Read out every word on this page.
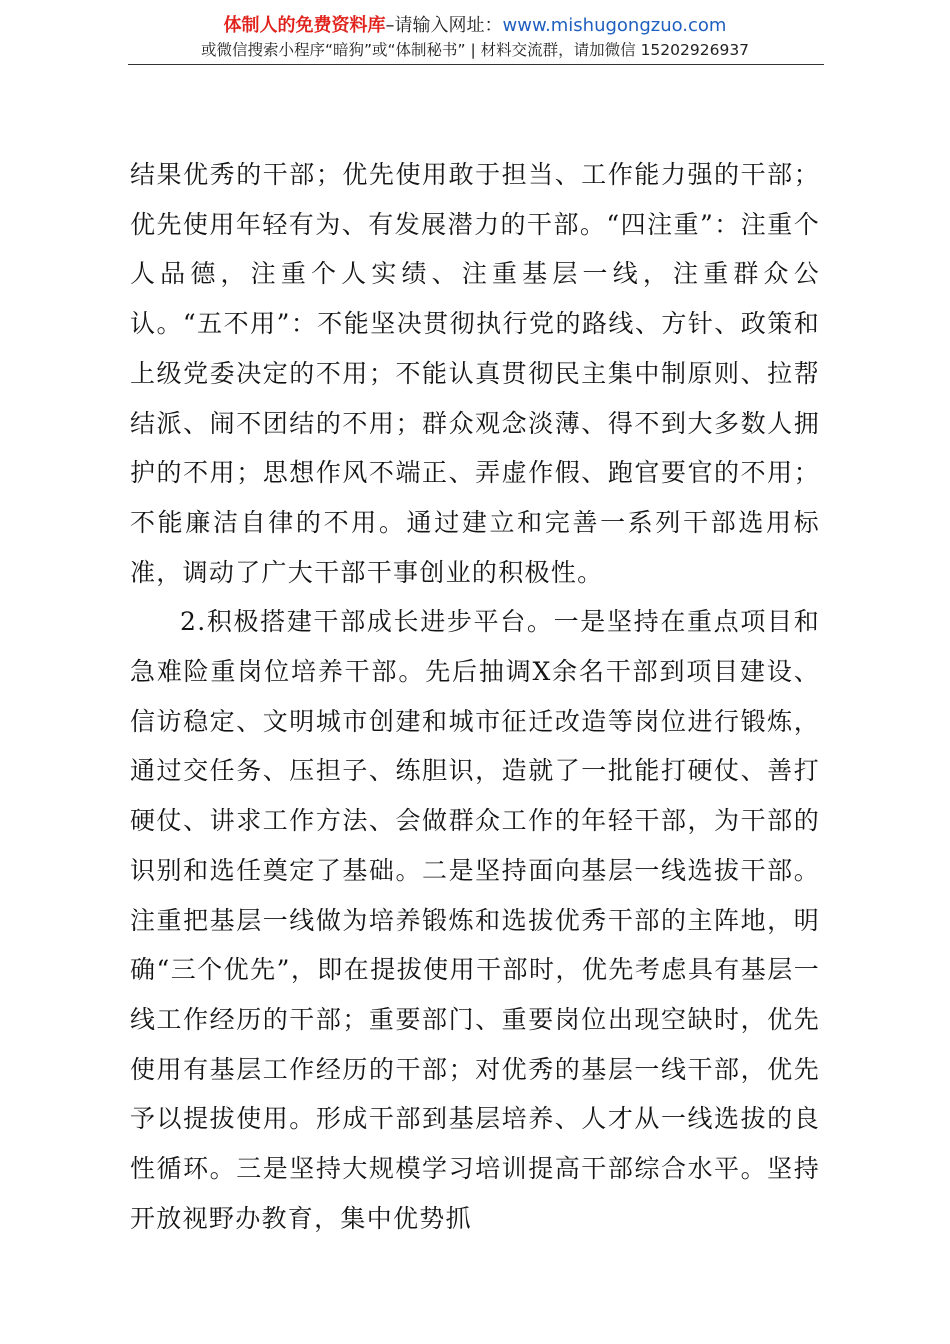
体制人的免费资料库–请输入网址：www.mishugongzuo.com
或微信搜索小程序“暗狗”或“体制秘书” | 材料交流群，请加微信 15202926937

结果优秀的干部；优先使用敢于担当、工作能力强的干部；优先使用年轻有为、有发展潜力的干部。“四注重”：注重个人品德，注重个人实绩、注重基层一线，注重群众公认。“五不用”：不能坚决贯彻执行党的路线、方针、政策和上级党委决定的不用；不能认真贯彻民主集中制原则、拉帮结派、闹不团结的不用；群众观念淡薄、得不到大多数人拥护的不用；思想作风不端正、弄虚作假、跑官要官的不用；不能廉洁自律的不用。通过建立和完善一系列干部选用标准，调动了广大干部干事创业的积极性。

2.积极搭建干部成长进步平台。一是坚持在重点项目和急难险重岗位培养干部。先后抽调X余名干部到项目建设、信访稳定、文明城市创建和城市征迁改造等岗位进行锻炼，通过交任务、压担子、练胆识，造就了一批能打硬仗、善打硬仗、讲求工作方法、会做群众工作的年轻干部，为干部的识别和选任奠定了基础。二是坚持面向基层一线选拔干部。注重把基层一线做为培养锻炼和选拔优秀干部的主阵地，明确“三个优先”，即在提拔使用干部时，优先考虑具有基层一线工作经历的干部；重要部门、重要岗位出现空缺时，优先使用有基层工作经历的干部；对优秀的基层一线干部，优先予以提拔使用。形成干部到基层培养、人才从一线选拔的良性循环。三是坚持大规模学习培训提高干部综合水平。坚持开放视野办教育，集中优势抓
